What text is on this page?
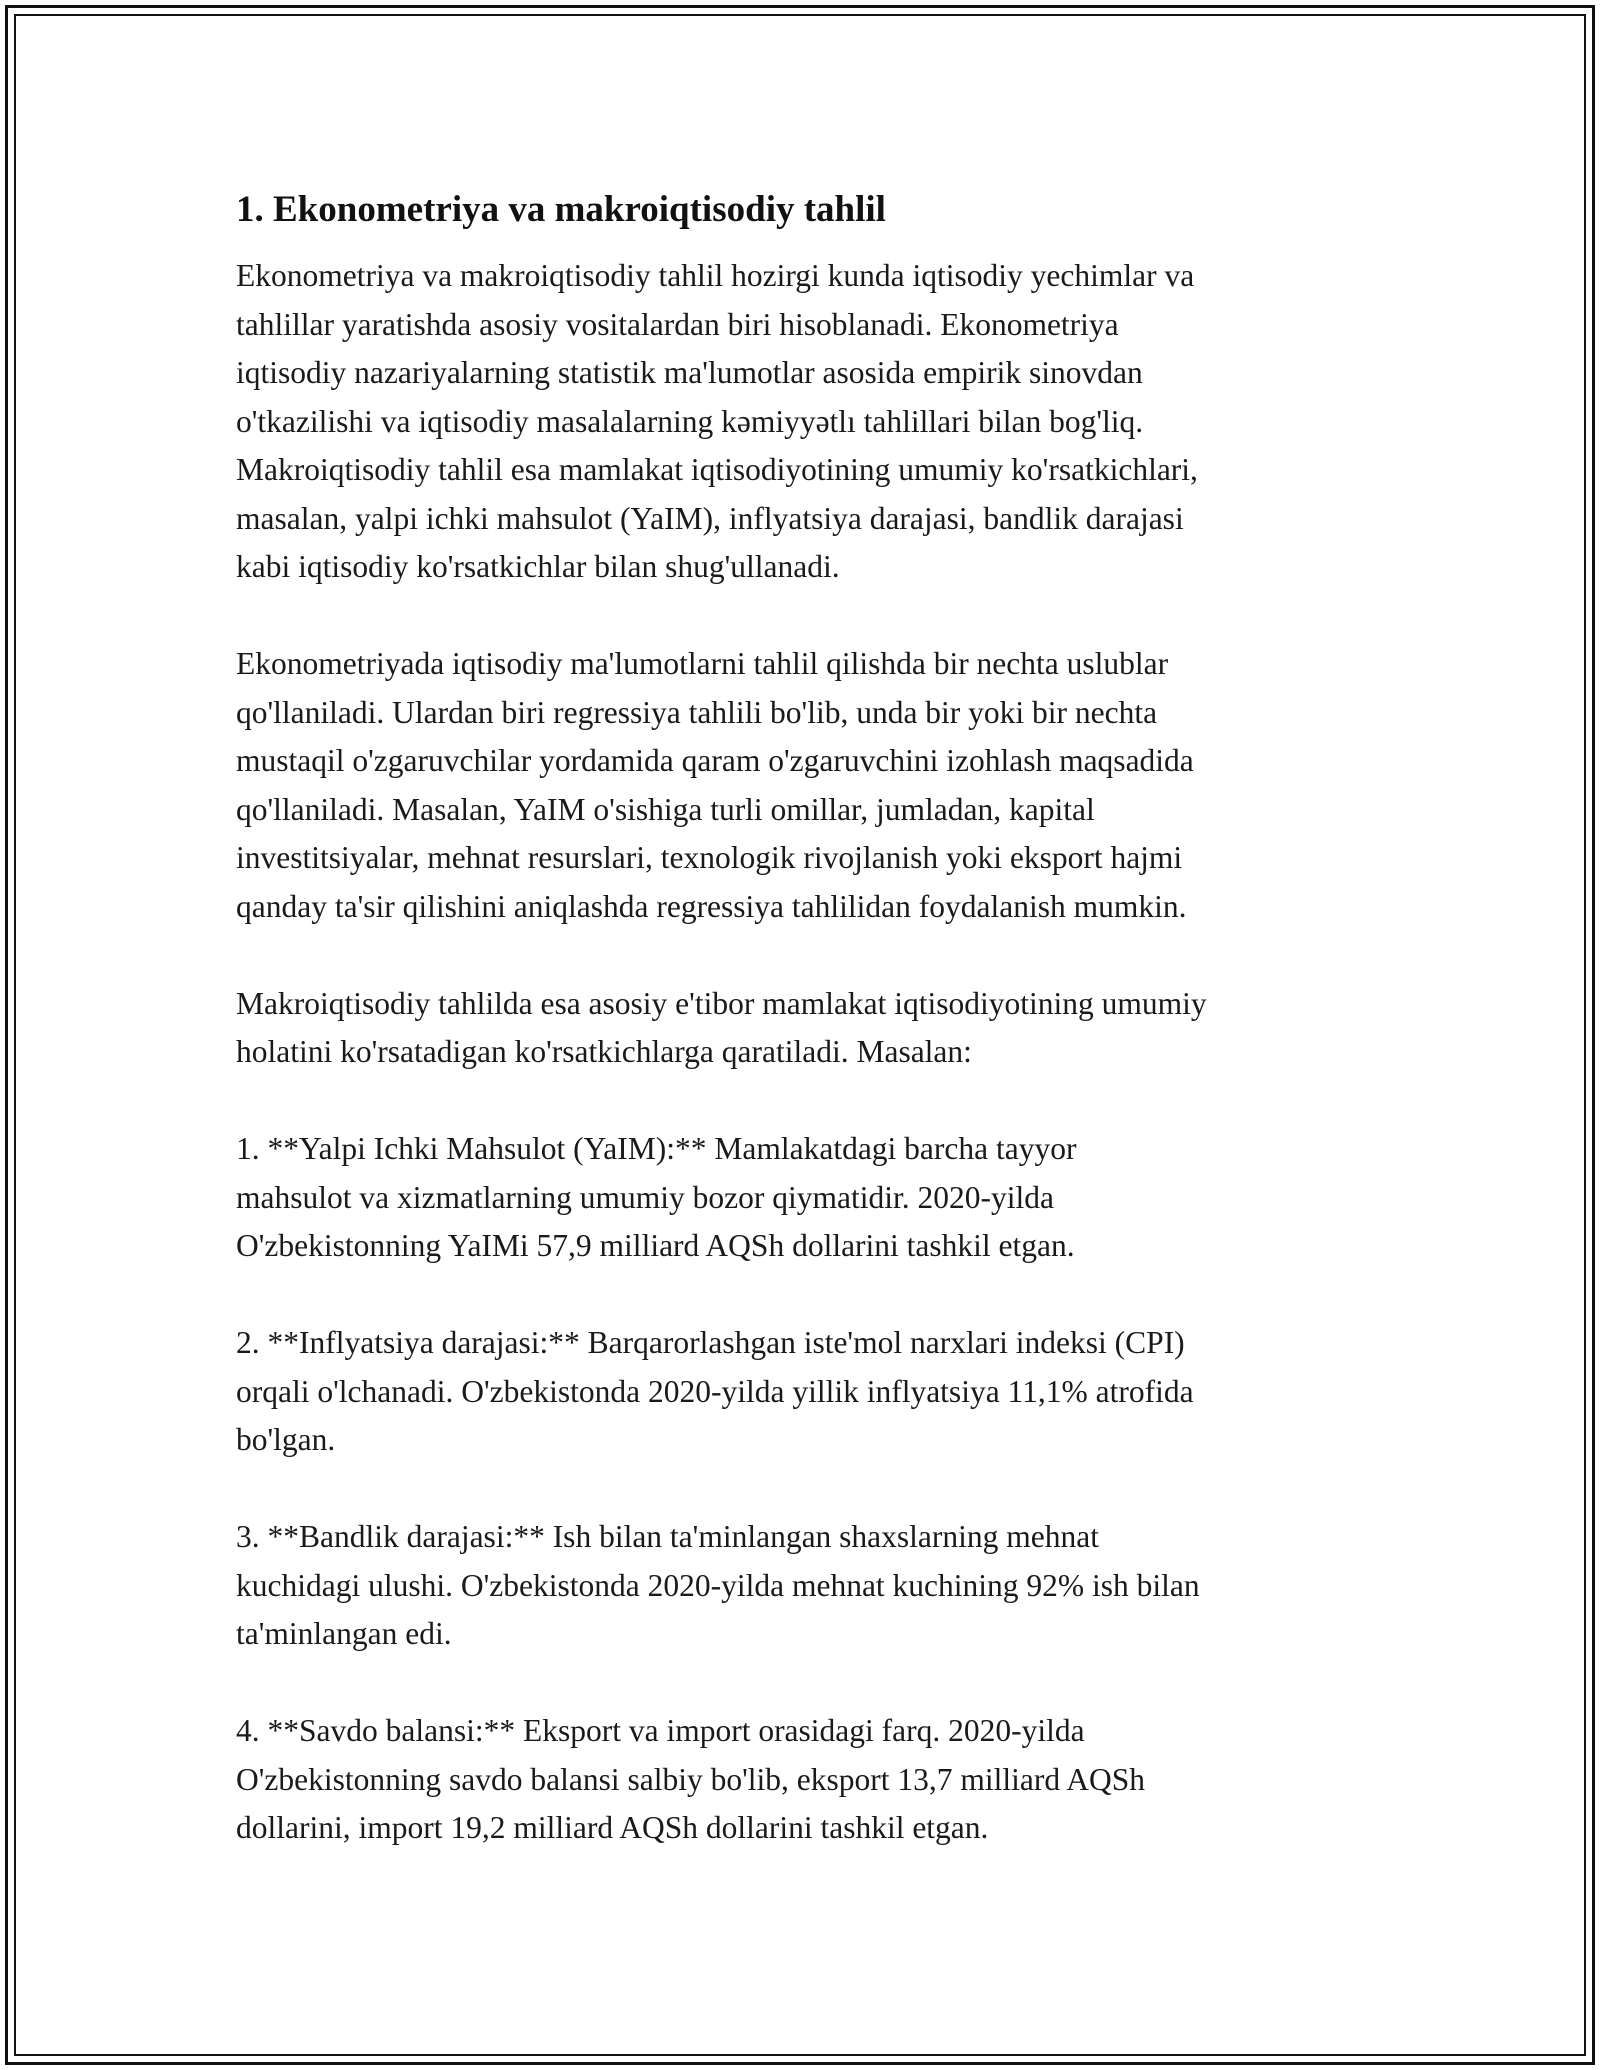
1. Ekonometriya va makroiqtisodiy tahlil

Ekonometriya va makroiqtisodiy tahlil hozirgi kunda iqtisodiy yechimlar va
tahlillar yaratishda asosiy vositalardan biri hisoblanadi. Ekonometriya
iqtisodiy nazariyalarning statistik ma'lumotlar asosida empirik sinovdan
o'tkazilishi va iqtisodiy masalalarning kəmiyyətlı tahlillari bilan bog'liq.
Makroiqtisodiy tahlil esa mamlakat iqtisodiyotining umumiy ko'rsatkichlari,
masalan, yalpi ichki mahsulot (YaIM), inflyatsiya darajasi, bandlik darajasi
kabi iqtisodiy ko'rsatkichlar bilan shug'ullanadi.

Ekonometriyada iqtisodiy ma'lumotlarni tahlil qilishda bir nechta uslublar
qo'llaniladi. Ulardan biri regressiya tahlili bo'lib, unda bir yoki bir nechta
mustaqil o'zgaruvchilar yordamida qaram o'zgaruvchini izohlash maqsadida
qo'llaniladi. Masalan, YaIM o'sishiga turli omillar, jumladan, kapital
investitsiyalar, mehnat resurslari, texnologik rivojlanish yoki eksport hajmi
qanday ta'sir qilishini aniqlashda regressiya tahlilidan foydalanish mumkin.

Makroiqtisodiy tahlilda esa asosiy e'tibor mamlakat iqtisodiyotining umumiy
holatini ko'rsatadigan ko'rsatkichlarga qaratiladi. Masalan:

1. **Yalpi Ichki Mahsulot (YaIM):** Mamlakatdagi barcha tayyor
mahsulot va xizmatlarning umumiy bozor qiymatidir. 2020-yilda
O'zbekistonning YaIMi 57,9 milliard AQSh dollarini tashkil etgan.

2. **Inflyatsiya darajasi:** Barqarorlashgan iste'mol narxlari indeksi (CPI)
orqali o'lchanadi. O'zbekistonda 2020-yilda yillik inflyatsiya 11,1% atrofida
bo'lgan.

3. **Bandlik darajasi:** Ish bilan ta'minlangan shaxslarning mehnat
kuchidagi ulushi. O'zbekistonda 2020-yilda mehnat kuchining 92% ish bilan
ta'minlangan edi.

4. **Savdo balansi:** Eksport va import orasidagi farq. 2020-yilda
O'zbekistonning savdo balansi salbiy bo'lib, eksport 13,7 milliard AQSh
dollarini, import 19,2 milliard AQSh dollarini tashkil etgan.
